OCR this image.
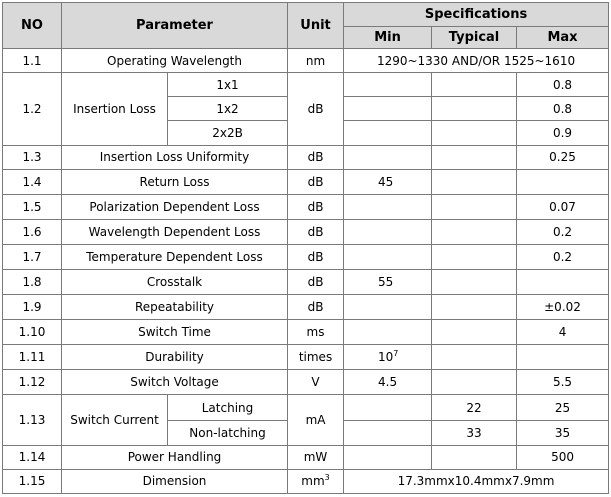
NO	Parameter		Unit	Specifications		
				Min	Typical	Max
1.1	Operating Wavelength		nm	1290~1330 AND/OR 1525~1610		
1.2	Insertion Loss	1x1	dB			0.8
		1x2				0.8
		2x2B				0.9
1.3	Insertion Loss Uniformity		dB			0.25
1.4	Return Loss		dB	45		
1.5	Polarization Dependent Loss		dB			0.07
1.6	Wavelength Dependent Loss		dB			0.2
1.7	Temperature Dependent Loss		dB			0.2
1.8	Crosstalk		dB	55		
1.9	Repeatability		dB			±0.02
1.10	Switch Time		ms			4
1.11	Durability		times	$10^7$		
1.12	Switch Voltage		V	4.5		5.5
1.13	Switch Current	Latching	mA		22	25
		Non-latching			33	35
1.14	Power Handling		mW			500
1.15	Dimension		$mm^3$	17.3mmx10.4mmx7.9mm		
